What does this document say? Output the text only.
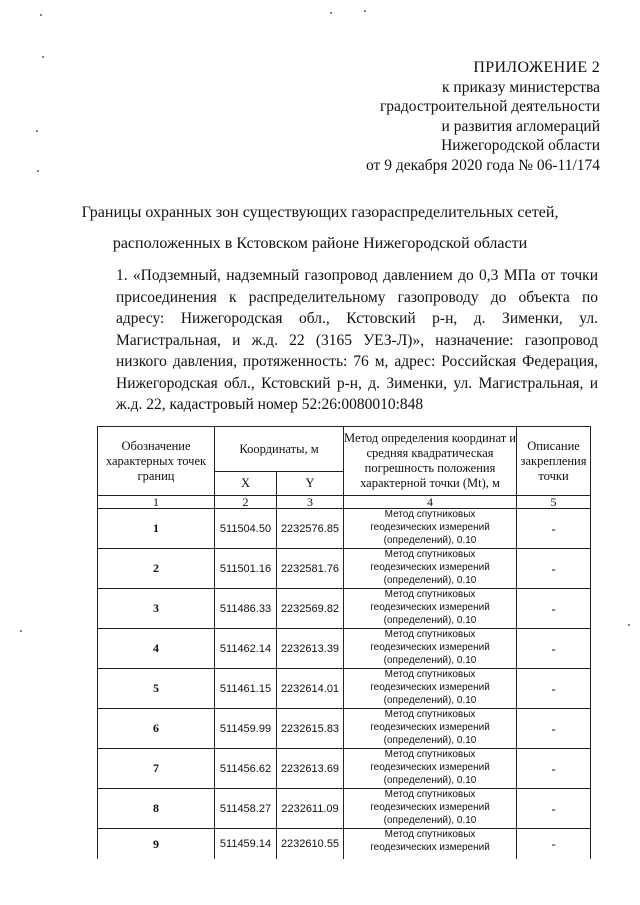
ПРИЛОЖЕНИЕ 2
к приказу министерства
градостроительной деятельности
и развития агломераций
Нижегородской области
от 9 декабря 2020 года № 06-11/174
Границы охранных зон существующих газораспределительных сетей,
расположенных в Кстовском районе Нижегородской области
1. «Подземный, надземный газопровод давлением до 0,3 МПа от точки присоединения к распределительному газопроводу до объекта по адресу: Нижегородская обл., Кстовский р-н, д. Зименки, ул. Магистральная, и ж.д. 22 (3165 УЕЗ-Л)», назначение: газопровод низкого давления, протяженность: 76 м, адрес: Российская Федерация, Нижегородская обл., Кстовский р-н, д. Зименки, ул. Магистральная, и ж.д. 22, кадастровый номер 52:26:0080010:848
Обозначение характерных точек границ	Координаты, м		Метод определения координат и средняя квадратическая погрешность положения характерной точки (Mt), м	Описание закрепления точки
	X	Y		
1	2	3	4	5
1	511504.50	2232576.85	Метод спутниковых
геодезических измерений
(определений), 0.10	-
2	511501.16	2232581.76	Метод спутниковых
геодезических измерений
(определений), 0.10	-
3	511486.33	2232569.82	Метод спутниковых
геодезических измерений
(определений), 0.10	-
4	511462.14	2232613.39	Метод спутниковых
геодезических измерений
(определений), 0.10	-
5	511461.15	2232614.01	Метод спутниковых
геодезических измерений
(определений), 0.10	-
6	511459.99	2232615.83	Метод спутниковых
геодезических измерений
(определений), 0.10	-
7	511456.62	2232613.69	Метод спутниковых
геодезических измерений
(определений), 0.10	-
8	511458.27	2232611.09	Метод спутниковых
геодезических измерений
(определений), 0.10	-
9	511459.14	2232610.55	Метод спутниковых
геодезических измерений	-
